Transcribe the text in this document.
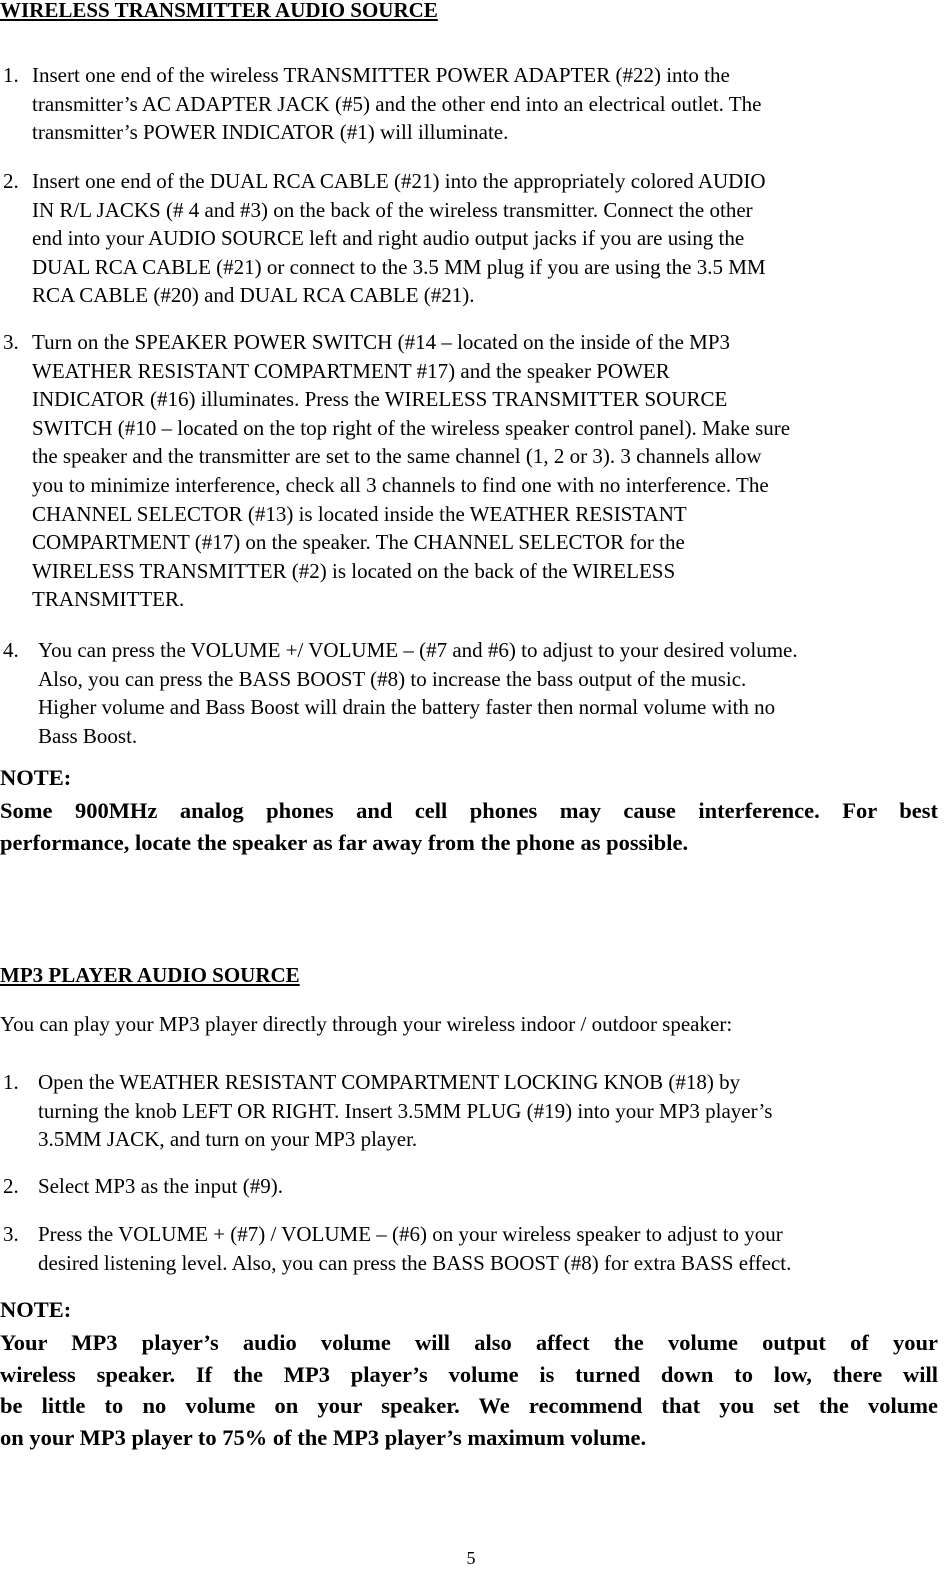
WIRELESS TRANSMITTER AUDIO SOURCE
1. Insert one end of the wireless TRANSMITTER POWER ADAPTER (#22) into the
transmitter’s AC ADAPTER JACK (#5) and the other end into an electrical outlet. The
transmitter’s POWER INDICATOR (#1) will illuminate.
2. Insert one end of the DUAL RCA CABLE (#21) into the appropriately colored AUDIO
IN R/L JACKS (# 4 and #3) on the back of the wireless transmitter. Connect the other
end into your AUDIO SOURCE left and right audio output jacks if you are using the
DUAL RCA CABLE (#21) or connect to the 3.5 MM plug if you are using the 3.5 MM
RCA CABLE (#20) and DUAL RCA CABLE (#21).
3. Turn on the SPEAKER POWER SWITCH (#14 – located on the inside of the MP3
WEATHER RESISTANT COMPARTMENT #17) and the speaker POWER
INDICATOR (#16) illuminates. Press the WIRELESS TRANSMITTER SOURCE
SWITCH (#10 – located on the top right of the wireless speaker control panel). Make sure
the speaker and the transmitter are set to the same channel (1, 2 or 3). 3 channels allow
you to minimize interference, check all 3 channels to find one with no interference. The
CHANNEL SELECTOR (#13) is located inside the WEATHER RESISTANT
COMPARTMENT (#17) on the speaker. The CHANNEL SELECTOR for the
WIRELESS TRANSMITTER (#2) is located on the back of the WIRELESS
TRANSMITTER.
4. You can press the VOLUME +/ VOLUME – (#7 and #6) to adjust to your desired volume.
Also, you can press the BASS BOOST (#8) to increase the bass output of the music.
Higher volume and Bass Boost will drain the battery faster then normal volume with no
Bass Boost.
NOTE:
Some 900MHz analog phones and cell phones may cause interference. For best
performance, locate the speaker as far away from the phone as possible.
MP3 PLAYER AUDIO SOURCE
You can play your MP3 player directly through your wireless indoor / outdoor speaker:
1. Open the WEATHER RESISTANT COMPARTMENT LOCKING KNOB (#18) by
turning the knob LEFT OR RIGHT. Insert 3.5MM PLUG (#19) into your MP3 player’s
3.5MM JACK, and turn on your MP3 player.
2. Select MP3 as the input (#9).
3. Press the VOLUME + (#7) / VOLUME – (#6) on your wireless speaker to adjust to your
desired listening level. Also, you can press the BASS BOOST (#8) for extra BASS effect.
NOTE:
Your MP3 player’s audio volume will also affect the volume output of your
wireless speaker. If the MP3 player’s volume is turned down to low, there will
be little to no volume on your speaker. We recommend that you set the volume
on your MP3 player to 75% of the MP3 player’s maximum volume.
5
